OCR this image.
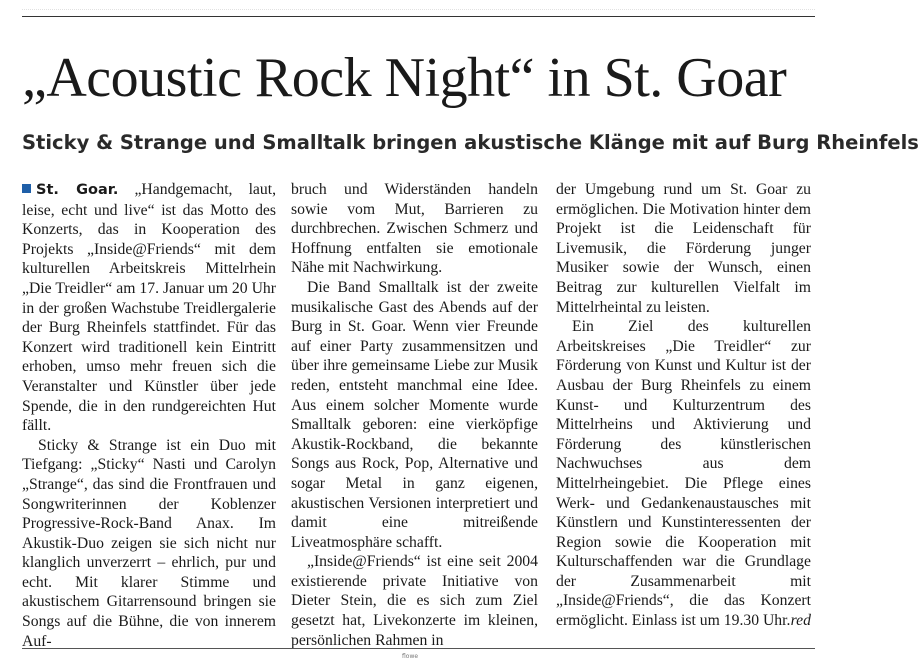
„Acoustic Rock Night“ in St. Goar
Sticky & Strange und Smalltalk bringen akustische Klänge mit auf Burg Rheinfels

St. Goar. „Handgemacht, laut, leise, echt und live“ ist das Motto des Konzerts, das in Kooperation des Projekts „Inside@Friends“ mit dem kulturellen Arbeitskreis Mittelrhein „Die Treidler“ am 17. Januar um 20 Uhr in der großen Wachstube Treidlergalerie der Burg Rheinfels stattfindet. Für das Konzert wird traditionell kein Eintritt erhoben, umso mehr freuen sich die Veranstalter und Künstler über jede Spende, die in den rundgereichten Hut fällt.

Sticky & Strange ist ein Duo mit Tiefgang: „Sticky“ Nasti und Carolyn „Strange“, das sind die Frontfrauen und Songwriterinnen der Koblenzer Progressive-Rock-Band Anax. Im Akustik-Duo zeigen sie sich nicht nur klanglich unverzerrt – ehrlich, pur und echt. Mit klarer Stimme und akustischem Gitarrensound bringen sie Songs auf die Bühne, die von innerem Auf-

bruch und Widerständen handeln sowie vom Mut, Barrieren zu durchbrechen. Zwischen Schmerz und Hoffnung entfalten sie emotionale Nähe mit Nachwirkung.

Die Band Smalltalk ist der zweite musikalische Gast des Abends auf der Burg in St. Goar. Wenn vier Freunde auf einer Party zusammensitzen und über ihre gemeinsame Liebe zur Musik reden, entsteht manchmal eine Idee. Aus einem solcher Momente wurde Smalltalk geboren: eine vierköpfige Akustik-Rockband, die bekannte Songs aus Rock, Pop, Alternative und sogar Metal in ganz eigenen, akustischen Versionen interpretiert und damit eine mitreißende Liveatmosphäre schafft.

„Inside@Friends“ ist eine seit 2004 existierende private Initiative von Dieter Stein, die es sich zum Ziel gesetzt hat, Livekonzerte im kleinen, persönlichen Rahmen in

der Umgebung rund um St. Goar zu ermöglichen. Die Motivation hinter dem Projekt ist die Leidenschaft für Livemusik, die Förderung junger Musiker sowie der Wunsch, einen Beitrag zur kulturellen Vielfalt im Mittelrheintal zu leisten.

Ein Ziel des kulturellen Arbeitskreises „Die Treidler“ zur Förderung von Kunst und Kultur ist der Ausbau der Burg Rheinfels zu einem Kunst- und Kulturzentrum des Mittelrheins und Aktivierung und Förderung des künstlerischen Nachwuchses aus dem Mittelrheingebiet. Die Pflege eines Werk- und Gedankenaustausches mit Künstlern und Kunstinteressenten der Region sowie die Kooperation mit Kulturschaffenden war die Grundlage der Zusammenarbeit mit „Inside@Friends“, die das Konzert ermöglicht. Einlass ist um 19.30 Uhr. red
flowe
